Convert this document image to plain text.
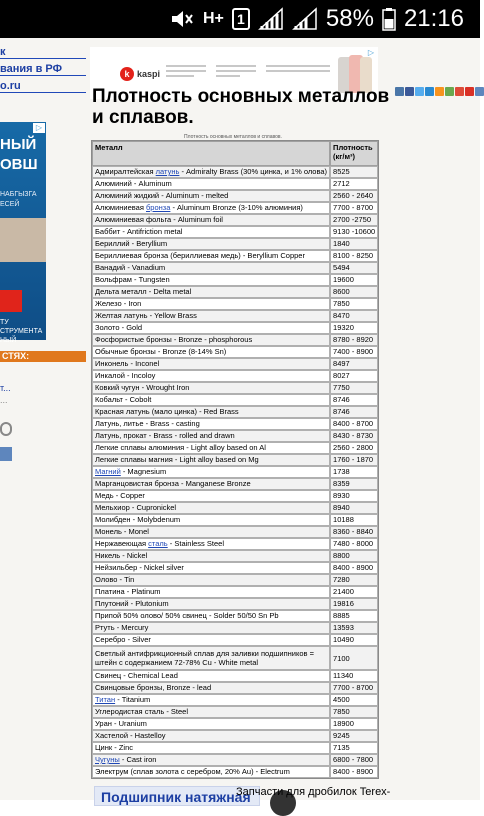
H+ 1	58% 21:16
к
вания в РФ
о.ru
▷
НЫЙ
ОВШ
НАБГЫЗГА
ЕСЕЙ
ТУ
СТРУМЕНТА
НЫЙ
СТЯХ:
т...
...
▷
k kaspi
Плотность основных металлов и сплавов.
Плотность основных металлов и сплавов.
Металл	Плотность
(кг/м³)
Адмиралтейская латунь - Admiralty Brass (30% цинка, и 1% олова)	8525
Алюминий - Aluminum	2712
Алюминий жидкий - Aluminum - melted	2560 - 2640
Алюминиевая бронза - Aluminum Bronze (3-10% алюминия)	7700 - 8700
Алюминиевая фольга - Aluminum foil	2700 -2750
Баббит - Antifriction metal	9130 -10600
Бериллий - Beryllium	1840
Бериллиевая бронза (бериллиевая медь) - Beryllium Copper	8100 - 8250
Ванадий - Vanadium	5494
Вольфрам - Tungsten	19600
Дельта металл - Delta metal	8600
Железо - Iron	7850
Желтая латунь - Yellow Brass	8470
Золото - Gold	19320
Фосфористые бронзы - Bronze - phosphorous	8780 - 8920
Обычные бронзы - Bronze (8-14% Sn)	7400 - 8900
Инконель - Inconel	8497
Инкалой - Incoloy	8027
Ковкий чугун - Wrought Iron	7750
Кобальт - Cobolt	8746
Красная латунь (мало цинка) - Red Brass	8746
Латунь, литье - Brass - casting	8400 - 8700
Латунь, прокат - Brass - rolled and drawn	8430 - 8730
Легкие сплавы алюминия - Light alloy based on Al	2560 - 2800
Легкие сплавы магния - Light alloy based on Mg	1760 - 1870
Магний - Magnesium	1738
Марганцовистая бронза - Manganese Bronze	8359
Медь - Copper	8930
Мельхиор - Cupronickel	8940
Молибден - Molybdenum	10188
Монель - Monel	8360 - 8840
Нержавеющая сталь - Stainless Steel	7480 - 8000
Никель - Nickel	8800
Нейзильбер - Nickel silver	8400 - 8900
Олово - Tin	7280
Платина - Platinum	21400
Плутоний - Plutonium	19816
Припой 50% олово/ 50% свинец - Solder 50/50 Sn Pb	8885
Ртуть - Mercury	13593
Серебро - Silver	10490
Светлый антифрикционный сплав для заливки подшипников = штейн с содержанием 72-78% Cu - White metal	7100
Свинец - Chemical Lead	11340
Свинцовые бронзы, Bronze - lead	7700 - 8700
Титан - Titanium	4500
Углеродистая сталь - Steel	7850
Уран - Uranium	18900
Хастелой - Hastelloy	9245
Цинк - Zinc	7135
Чугуны - Cast iron	6800 - 7800
Электрум (сплав золота с серебром, 20% Au) - Electrum	8400 - 8900
Подшипник натяжная
Запчасти для дробилок Terex-
